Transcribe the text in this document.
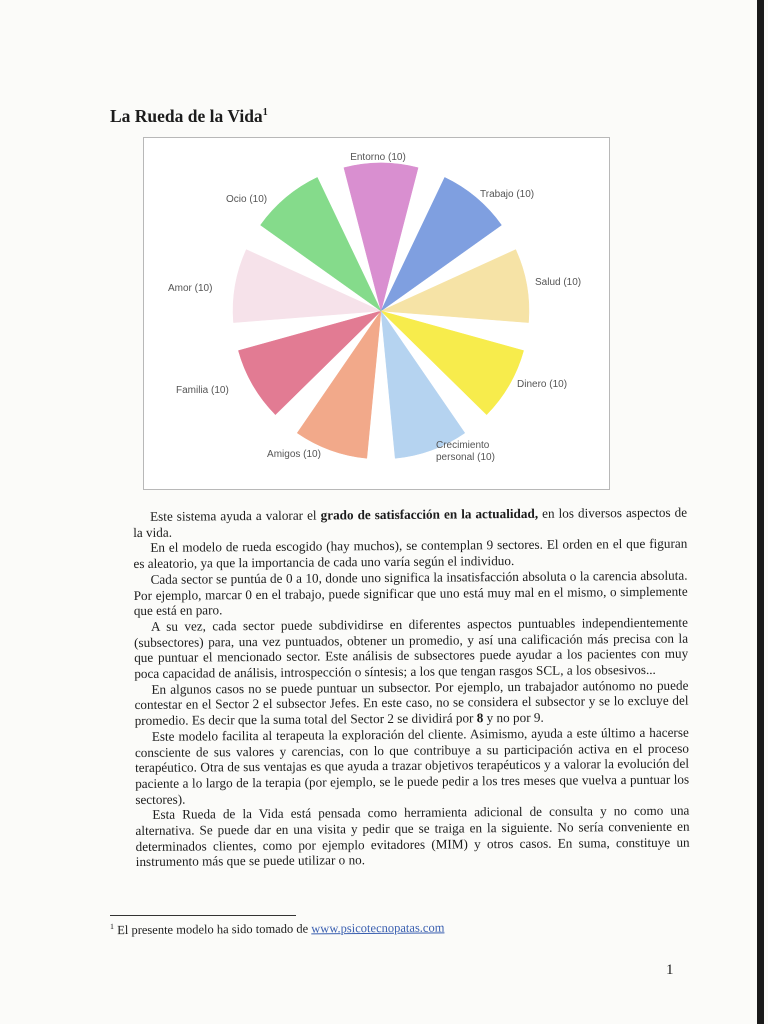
La Rueda de la Vida$^1$
Entorno (10)
Trabajo (10)
Salud (10)
Dinero (10)
Crecimiento
personal (10)
Amigos (10)
Familia (10)
Amor (10)
Ocio (10)

Este sistema ayuda a valorar el grado de satisfacción en la actualidad, en los diversos aspectos de la vida.

En el modelo de rueda escogido (hay muchos), se contemplan 9 sectores. El orden en el que figuran es aleatorio, ya que la importancia de cada uno varía según el individuo.

Cada sector se puntúa de 0 a 10, donde uno significa la insatisfacción absoluta o la carencia absoluta. Por ejemplo, marcar 0 en el trabajo, puede significar que uno está muy mal en el mismo, o simplemente que está en paro.

A su vez, cada sector puede subdividirse en diferentes aspectos puntuables independientemente (subsectores) para, una vez puntuados, obtener un promedio, y así una calificación más precisa con la que puntuar el mencionado sector. Este análisis de subsectores puede ayudar a los pacientes con muy poca capacidad de análisis, introspección o síntesis; a los que tengan rasgos SCL, a los obsesivos...

En algunos casos no se puede puntuar un subsector. Por ejemplo, un trabajador autónomo no puede contestar en el Sector 2 el subsector Jefes. En este caso, no se considera el subsector y se lo excluye del promedio. Es decir que la suma total del Sector 2 se dividirá por 8 y no por 9.

Este modelo facilita al terapeuta la exploración del cliente. Asimismo, ayuda a este último a hacerse consciente de sus valores y carencias, con lo que contribuye a su participación activa en el proceso terapéutico. Otra de sus ventajas es que ayuda a trazar objetivos terapéuticos y a valorar la evolución del paciente a lo largo de la terapia (por ejemplo, se le puede pedir a los tres meses que vuelva a puntuar los sectores).

Esta Rueda de la Vida está pensada como herramienta adicional de consulta y no como una alternativa. Se puede dar en una visita y pedir que se traiga en la siguiente. No sería conveniente en determinados clientes, como por ejemplo evitadores (MIM) y otros casos. En suma, constituye un instrumento más que se puede utilizar o no.

$^1$ El presente modelo ha sido tomado de www.psicotecnopatas.com
1
